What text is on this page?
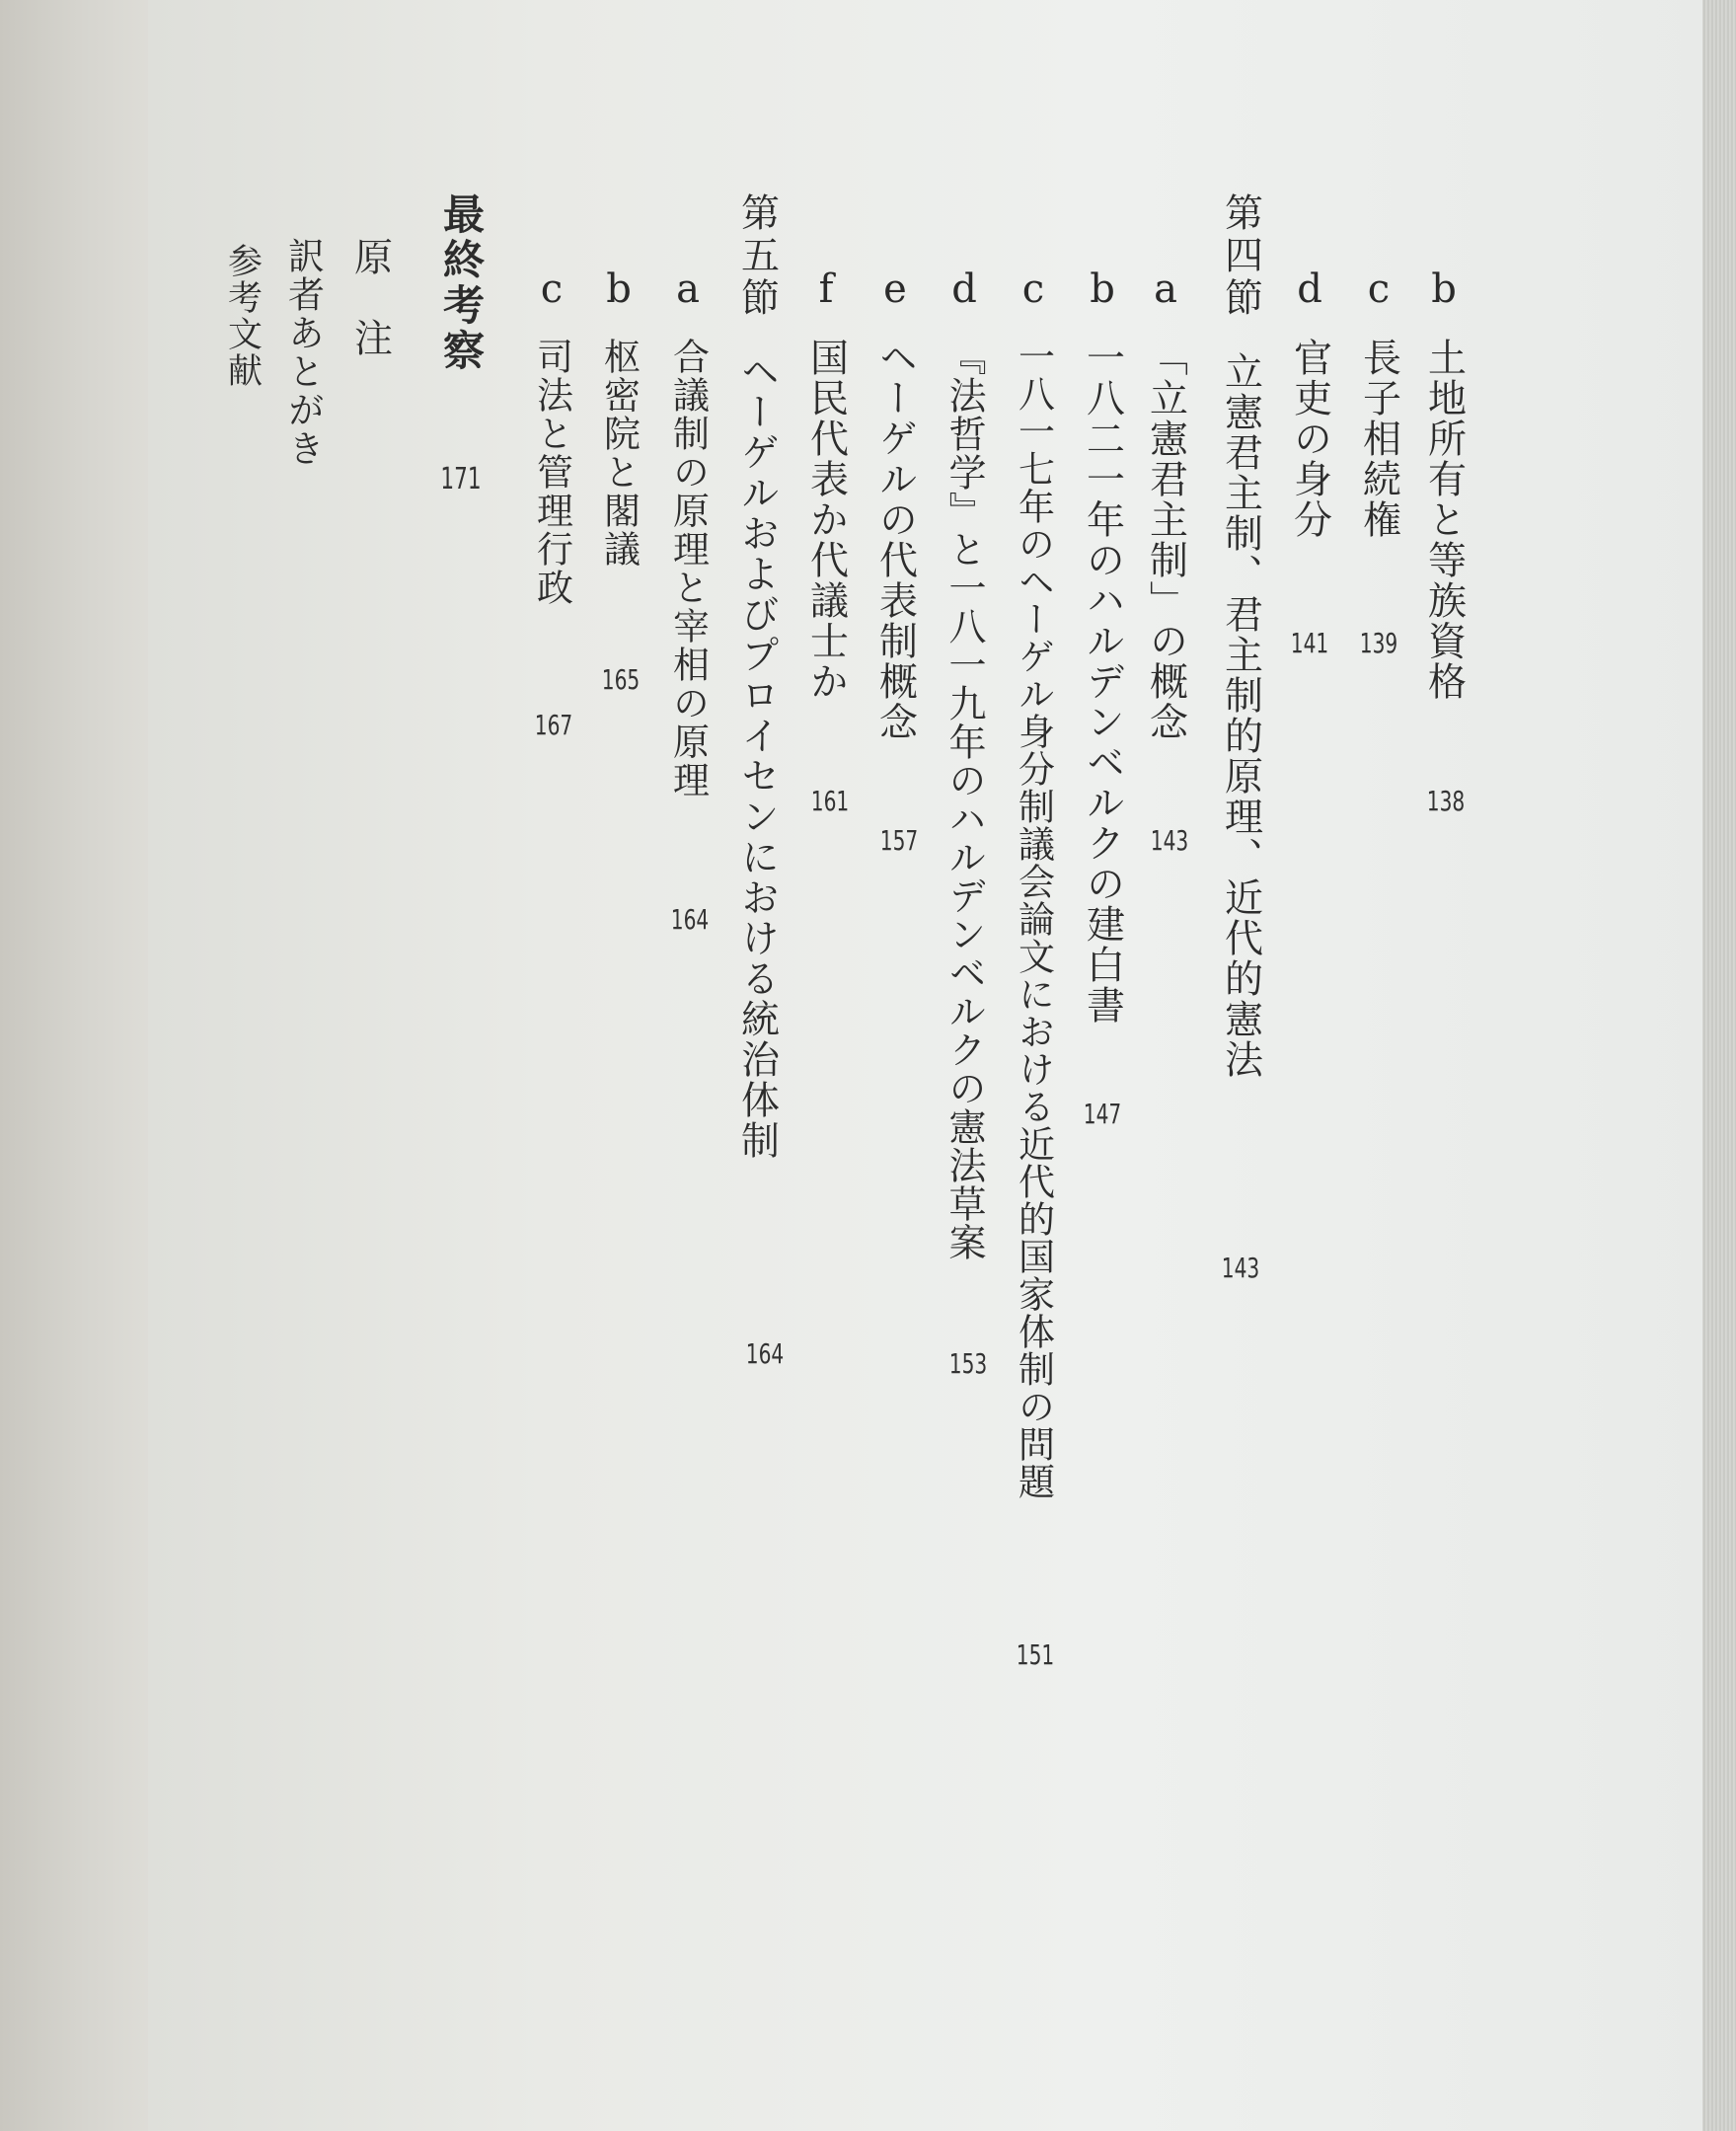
b
土地所有と等族資格
138
c
長子相続権
139
d
官吏の身分
141
第四節
立憲君主制、君主制的原理、近代的憲法
143
a
「立憲君主制」の概念
143
b
一八二一年のハルデンベルクの建白書
147
c
一八一七年のヘーゲル身分制議会論文における近代的国家体制の問題
151
d
『法哲学』と一八一九年のハルデンベルクの憲法草案
153
e
ヘーゲルの代表制概念
157
f
国民代表か代議士か
161
第五節
ヘーゲルおよびプロイセンにおける統治体制
164
a
合議制の原理と宰相の原理
164
b
枢密院と閣議
165
c
司法と管理行政
167
最終考察
171
原　注
訳者あとがき
参考文献
